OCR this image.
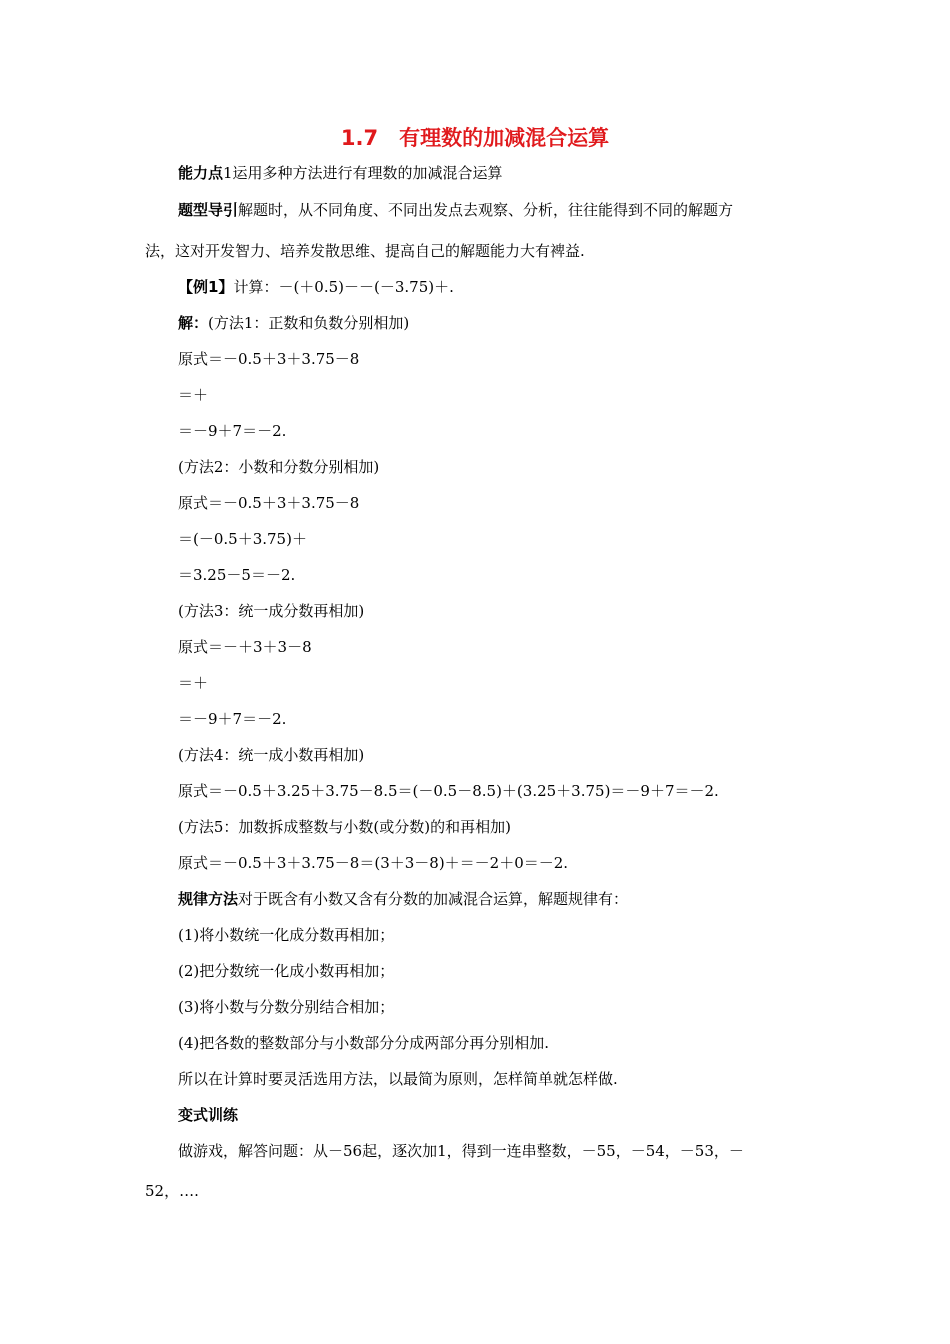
1.7　有理数的加减混合运算
能力点1运用多种方法进行有理数的加减混合运算
题型导引解题时，从不同角度、不同出发点去观察、分析，往往能得到不同的解题方
法，这对开发智力、培养发散思维、提高自己的解题能力大有裨益.
【例1】计算：－(＋0.5)－－(－3.75)＋.
解：(方法1：正数和负数分别相加)
原式＝－0.5＋3＋3.75－8
＝＋
＝－9＋7＝－2.
(方法2：小数和分数分别相加)
原式＝－0.5＋3＋3.75－8
＝(－0.5＋3.75)＋
＝3.25－5＝－2.
(方法3：统一成分数再相加)
原式＝－＋3＋3－8
＝＋
＝－9＋7＝－2.
(方法4：统一成小数再相加)
原式＝－0.5＋3.25＋3.75－8.5＝(－0.5－8.5)＋(3.25＋3.75)＝－9＋7＝－2.
(方法5：加数拆成整数与小数(或分数)的和再相加)
原式＝－0.5＋3＋3.75－8＝(3＋3－8)＋＝－2＋0＝－2.
规律方法对于既含有小数又含有分数的加减混合运算，解题规律有：
(1)将小数统一化成分数再相加；
(2)把分数统一化成小数再相加；
(3)将小数与分数分别结合相加；
(4)把各数的整数部分与小数部分分成两部分再分别相加.
所以在计算时要灵活选用方法，以最简为原则，怎样简单就怎样做.
变式训练
做游戏，解答问题：从－56起，逐次加1，得到一连串整数，－55，－54，－53，－
52，….
